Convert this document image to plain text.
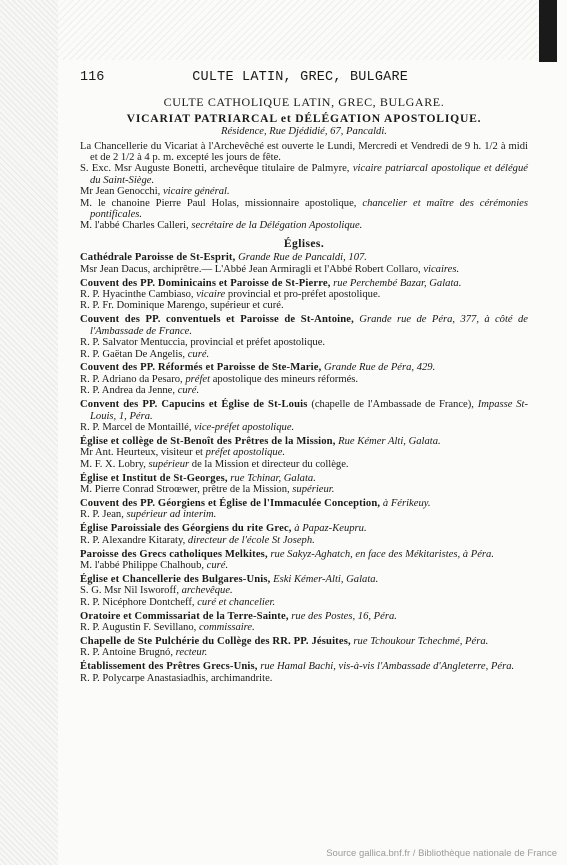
116	CULTE LATIN, GREC, BULGARE
CULTE CATHOLIQUE LATIN, GREC, BULGARE.
VICARIAT PATRIARCAL et DÉLÉGATION APOSTOLIQUE.
Résidence, Rue Djédidié, 67, Pancaldi.

La Chancellerie du Vicariat à l'Archevêché est ouverte le Lundi, Mercredi et Vendredi de 9 h. 1/2 à midi et de 2 1/2 à 4 p. m. excepté les jours de fête.

S. Exc. Msr Auguste Bonetti, archevêque titulaire de Palmyre, vicaire patriarcal apostolique et délégué du Saint-Siège.

Mr Jean Genocchi, vicaire général.

M. le chanoine Pierre Paul Holas, missionnaire apostolique, chancelier et maître des cérémonies pontificales.

M. l'abbé Charles Calleri, secrétaire de la Délégation Apostolique.

Églises.

Cathédrale Paroisse de St-Esprit, Grande Rue de Pancaldi, 107.

Msr Jean Dacus, archiprêtre.— L'Abbé Jean Armiragli et l'Abbé Robert Collaro, vicaires.

Couvent des PP. Dominicains et Paroisse de St-Pierre, rue Perchembé Bazar, Galata.

R. P. Hyacinthe Cambiaso, vicaire provincial et pro-préfet apostolique.

R. P. Fr. Dominique Marengo, supérieur et curé.

Couvent des PP. conventuels et Paroisse de St-Antoine, Grande rue de Péra, 377, à côté de l'Ambassade de France.

R. P. Salvator Mentuccia, provincial et préfet apostolique.

R. P. Gaëtan De Angelis, curé.

Couvent des PP. Réformés et Paroisse de Ste-Marie, Grande Rue de Péra, 429.

R. P. Adriano da Pesaro, préfet apostolique des mineurs réformés.

R. P. Andrea da Jenne, curé.

Convent des PP. Capucins et Église de St-Louis (chapelle de l'Ambassade de France), Impasse St-Louis, 1, Péra.

R. P. Marcel de Montaillé, vice-préfet apostolique.

Église et collège de St-Benoît des Prêtres de la Mission, Rue Kémer Alti, Galata.

Mr Ant. Heurteux, visiteur et préfet apostolique.

M. F. X. Lobry, supérieur de la Mission et directeur du collège.

Église et Institut de St-Georges, rue Tchinar, Galata.

M. Pierre Conrad Stroœwer, prêtre de la Mission, supérieur.

Couvent des PP. Géorgiens et Église de l'Immaculée Conception, à Férikeuy.

R. P. Jean, supérieur ad interim.

Église Paroissiale des Géorgiens du rite Grec, à Papaz-Keupru.

R. P. Alexandre Kitaraty, directeur de l'école St Joseph.

Paroisse des Grecs catholiques Melkites, rue Sakyz-Aghatch, en face des Mékitaristes, à Péra.

M. l'abbé Philippe Chalhoub, curé.

Église et Chancellerie des Bulgares-Unis, Eski Kémer-Alti, Galata.

S. G. Msr Nil Isworoff, archevêque.

R. P. Nicéphore Dontcheff, curé et chancelier.

Oratoire et Commissariat de la Terre-Sainte, rue des Postes, 16, Péra.

R. P. Augustin F. Sevillano, commissaire.

Chapelle de Ste Pulchérie du Collège des RR. PP. Jésuites, rue Tchoukour Tchechmé, Péra.

R. P. Antoine Brugnó, recteur.

Établissement des Prêtres Grecs-Unis, rue Hamal Bachi, vis-à-vis l'Ambassade d'Angleterre, Péra.

R. P. Polycarpe Anastasiadhis, archimandrite.

Source gallica.bnf.fr / Bibliothèque nationale de France
